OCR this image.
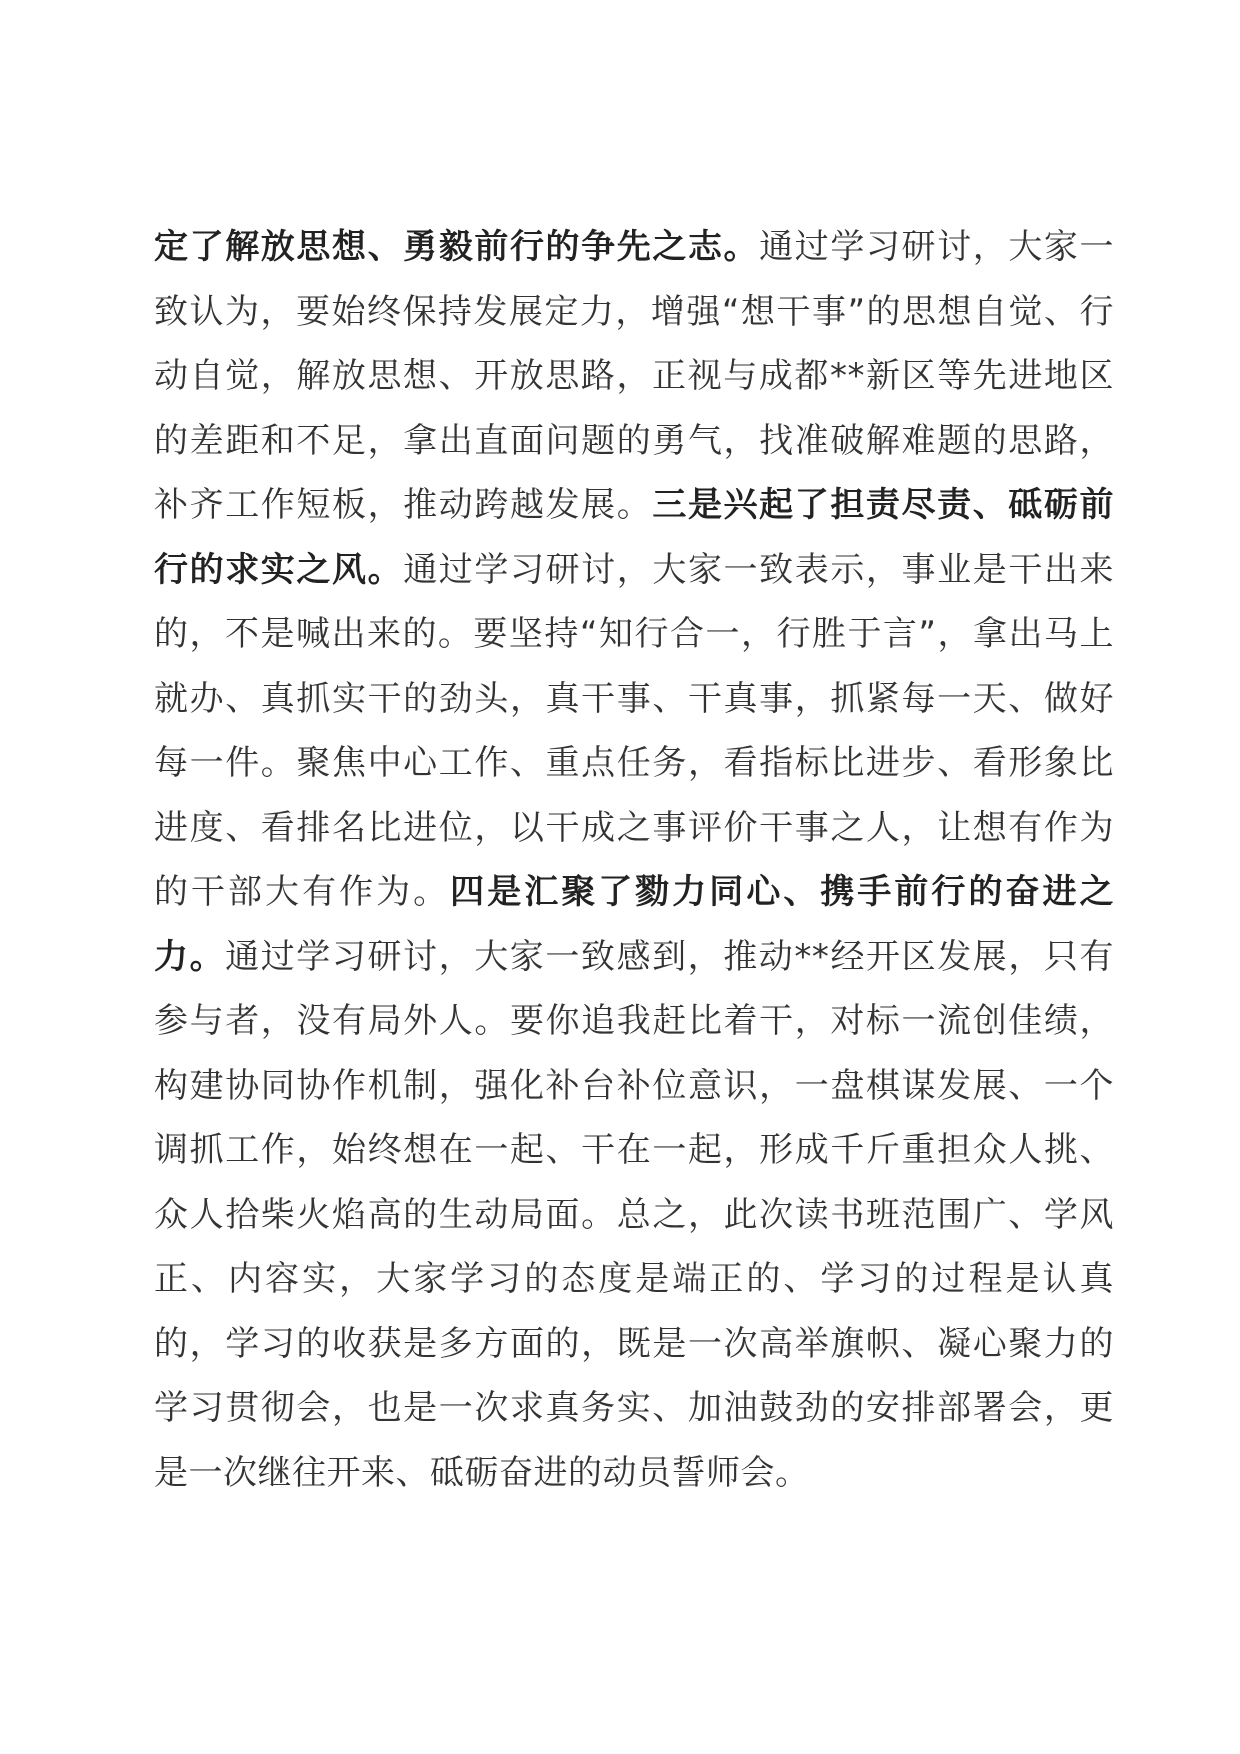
定了解放思想、勇毅前行的争先之志。通过学习研讨，大家一致认为，要始终保持发展定力，增强“想干事”的思想自觉、行动自觉，解放思想、开放思路，正视与成都**新区等先进地区的差距和不足，拿出直面问题的勇气，找准破解难题的思路，补齐工作短板，推动跨越发展。三是兴起了担责尽责、砥砺前行的求实之风。通过学习研讨，大家一致表示，事业是干出来的，不是喊出来的。要坚持“知行合一，行胜于言”，拿出马上就办、真抓实干的劲头，真干事、干真事，抓紧每一天、做好每一件。聚焦中心工作、重点任务，看指标比进步、看形象比进度、看排名比进位，以干成之事评价干事之人，让想有作为的干部大有作为。四是汇聚了勠力同心、携手前行的奋进之力。通过学习研讨，大家一致感到，推动**经开区发展，只有参与者，没有局外人。要你追我赶比着干，对标一流创佳绩，构建协同协作机制，强化补台补位意识，一盘棋谋发展、一个调抓工作，始终想在一起、干在一起，形成千斤重担众人挑、众人拾柴火焰高的生动局面。总之，此次读书班范围广、学风正、内容实，大家学习的态度是端正的、学习的过程是认真的，学习的收获是多方面的，既是一次高举旗帜、凝心聚力的学习贯彻会，也是一次求真务实、加油鼓劲的安排部署会，更是一次继往开来、砥砺奋进的动员誓师会。
